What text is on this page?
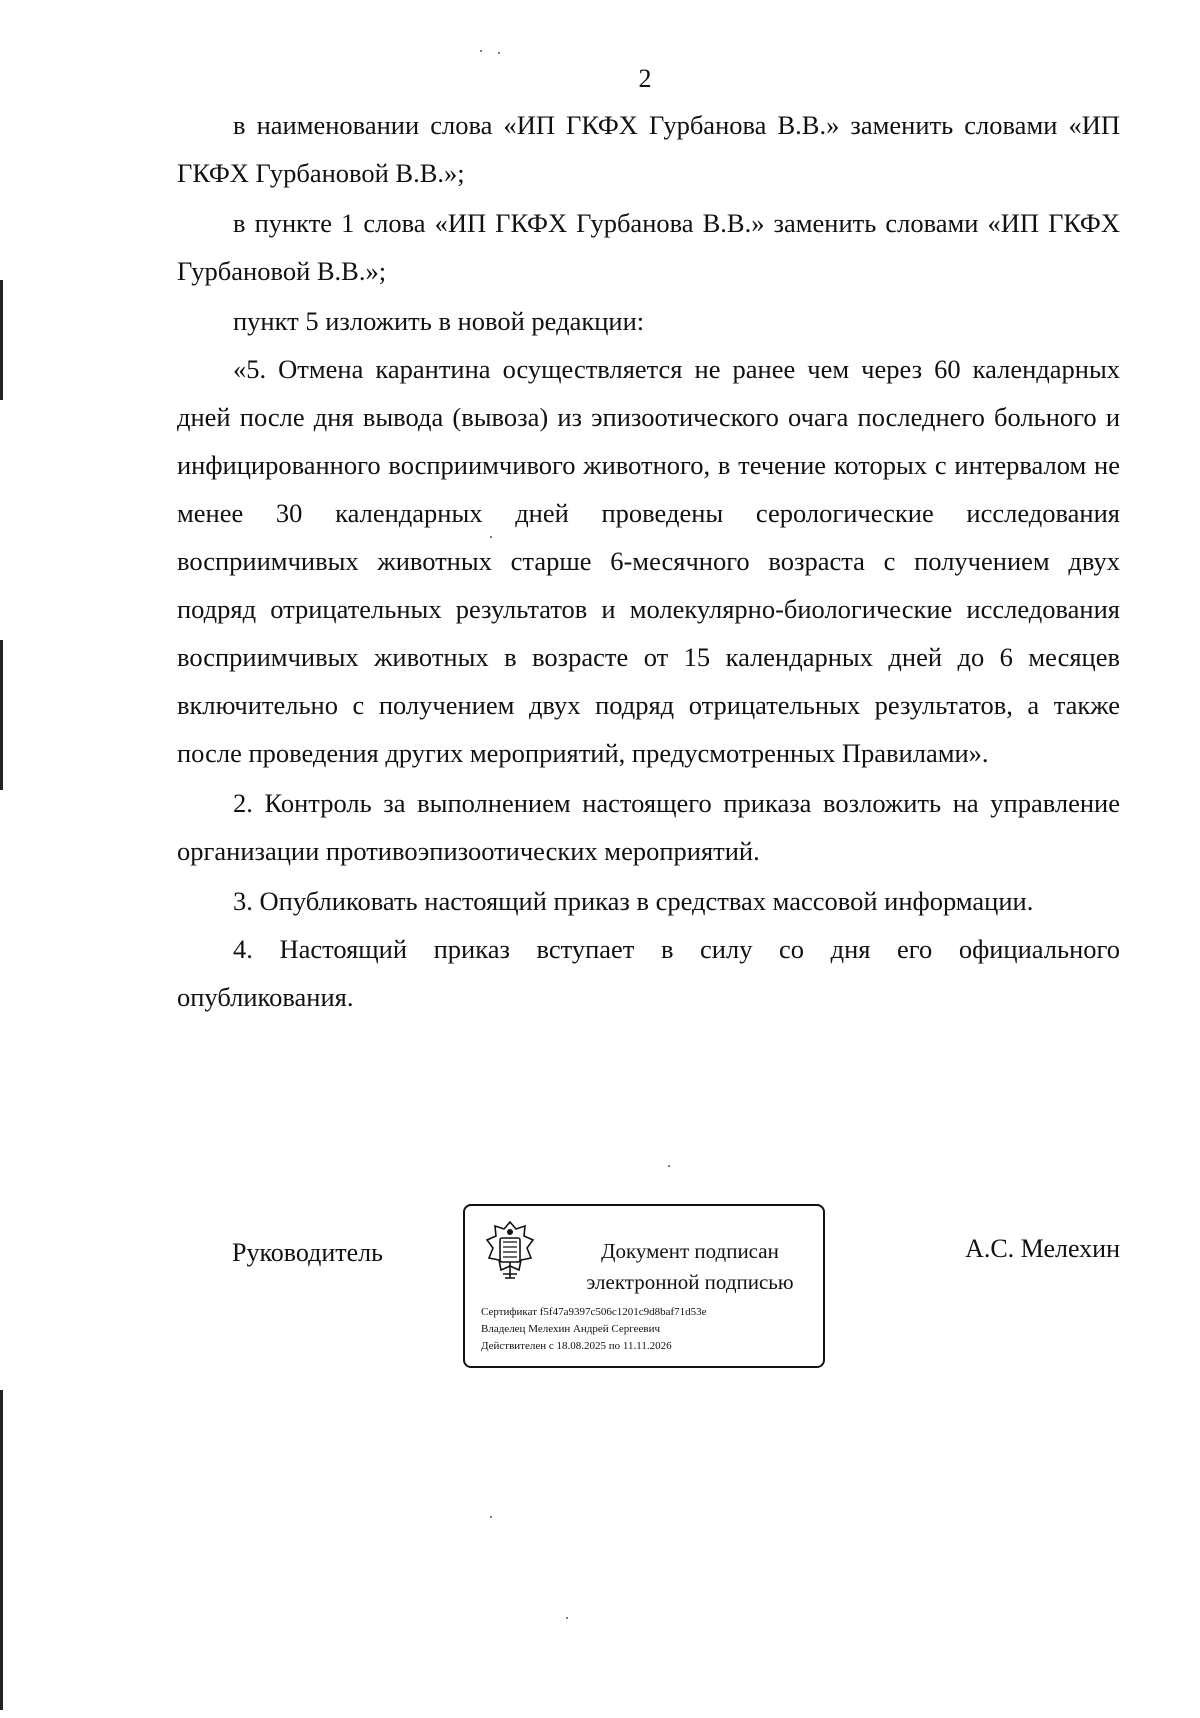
2

в наименовании слова «ИП ГКФХ Гурбанова В.В.» заменить словами «ИП ГКФХ Гурбановой В.В.»;

в пункте 1 слова «ИП ГКФХ Гурбанова В.В.» заменить словами «ИП ГКФХ Гурбановой В.В.»;

пункт 5 изложить в новой редакции:

«5. Отмена карантина осуществляется не ранее чем через 60 календарных дней после дня вывода (вывоза) из эпизоотического очага последнего больного и инфицированного восприимчивого животного, в течение которых с интервалом не менее 30 календарных дней проведены серологические исследования восприимчивых животных старше 6-месячного возраста с получением двух подряд отрицательных результатов и молекулярно-биологические исследования восприимчивых животных в возрасте от 15 календарных дней до 6 месяцев включительно с получением двух подряд отрицательных результатов, а также после проведения других мероприятий, предусмотренных Правилами».

2. Контроль за выполнением настоящего приказа возложить на управление организации противоэпизоотических мероприятий.

3. Опубликовать настоящий приказ в средствах массовой информации.

4. Настоящий приказ вступает в силу со дня его официального опубликования.

Руководитель	Документ подписан
электронной подписью
Сертификат f5f47a9397c506c1201c9d8baf71d53e
Владелец Мелехин Андрей Сергеевич
Действителен с 18.08.2025 по 11.11.2026
А.С. Мелехин
